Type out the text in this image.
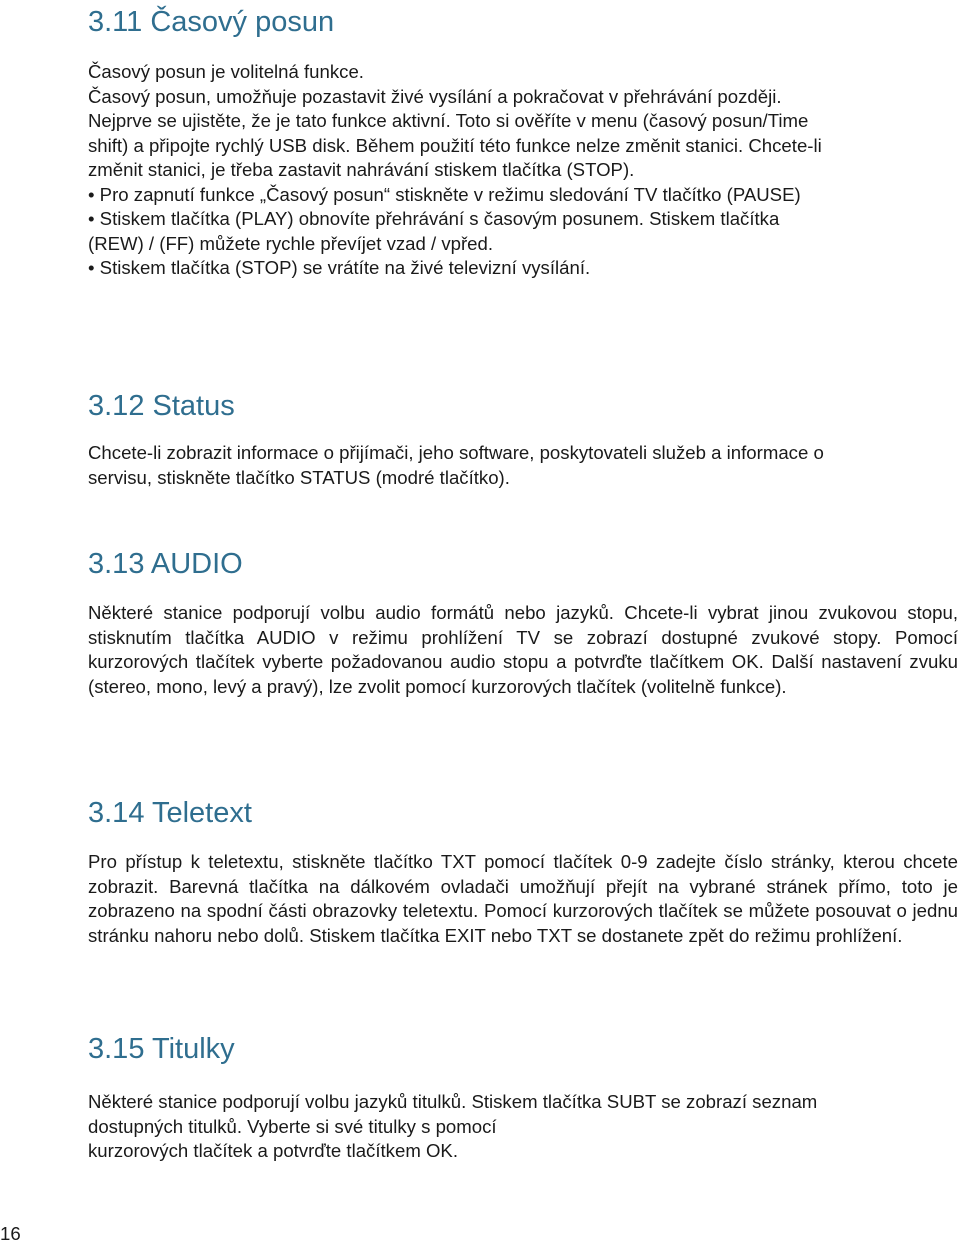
3.11 Časový posun
Časový posun je volitelná funkce.
Časový posun, umožňuje pozastavit živé vysílání a pokračovat v přehrávání později.
Nejprve se ujistěte, že je tato funkce aktivní. Toto si ověříte v menu (časový posun/Time
shift) a připojte rychlý USB disk. Během použití této funkce nelze změnit stanici. Chcete-li
změnit stanici, je třeba zastavit nahrávání stiskem tlačítka (STOP).
• Pro zapnutí funkce „Časový posun“ stiskněte v režimu sledování TV tlačítko (PAUSE)
• Stiskem tlačítka (PLAY) obnovíte přehrávání s časovým posunem. Stiskem tlačítka
(REW) / (FF) můžete rychle převíjet vzad / vpřed.
• Stiskem tlačítka (STOP) se vrátíte na živé televizní vysílání.
3.12 Status
Chcete-li zobrazit informace o přijímači, jeho software, poskytovateli služeb a informace o
servisu, stiskněte tlačítko STATUS (modré tlačítko).
3.13 AUDIO
Některé stanice podporují volbu audio formátů nebo jazyků. Chcete-li vybrat jinou zvukovou stopu, stisknutím tlačítka AUDIO v režimu prohlížení TV se zobrazí dostupné zvukové stopy. Pomocí kurzorových tlačítek vyberte požadovanou audio stopu a potvrďte tlačítkem OK. Další nastavení zvuku (stereo, mono, levý a pravý), lze zvolit pomocí kurzorových tlačítek (volitelně funkce).
3.14 Teletext
Pro přístup k teletextu, stiskněte tlačítko TXT pomocí tlačítek 0-9 zadejte číslo stránky, kterou chcete zobrazit. Barevná tlačítka na dálkovém ovladači umožňují přejít na vybrané stránek přímo, toto je zobrazeno na spodní části obrazovky teletextu. Pomocí kurzorových tlačítek se můžete posouvat o jednu stránku nahoru nebo dolů. Stiskem tlačítka EXIT nebo TXT se dostanete zpět do režimu prohlížení.
3.15 Titulky
Některé stanice podporují volbu jazyků titulků. Stiskem tlačítka SUBT se zobrazí seznam
dostupných titulků. Vyberte si své titulky s pomocí
kurzorových tlačítek a potvrďte tlačítkem OK.
16
